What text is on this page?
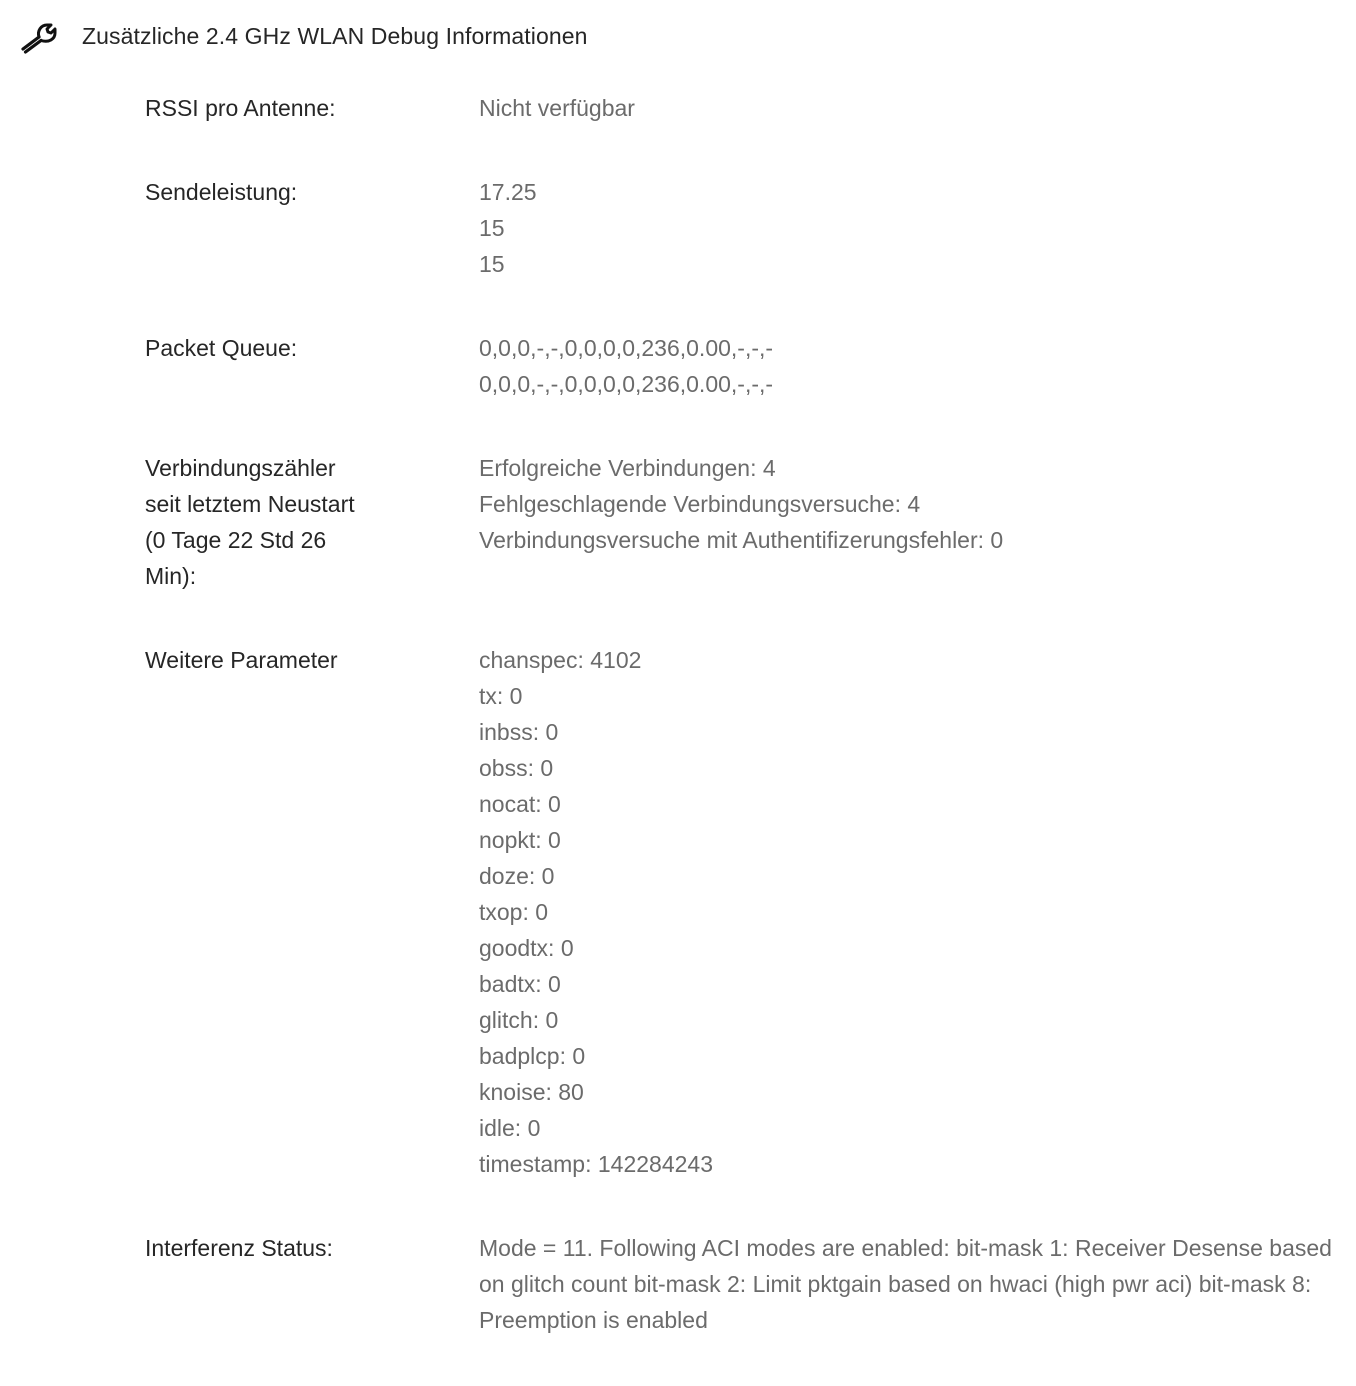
Zusätzliche 2.4 GHz WLAN Debug Informationen
RSSI pro Antenne:	Nicht verfügbar
Sendeleistung:	17.25
15
15
Packet Queue:	0,0,0,-,-,0,0,0,0,236,0.00,-,-,-
0,0,0,-,-,0,0,0,0,236,0.00,-,-,-
Verbindungszähler seit letztem Neustart (0 Tage 22 Std 26 Min):
Erfolgreiche Verbindungen: 4
Fehlgeschlagende Verbindungsversuche: 4
Verbindungsversuche mit Authentifizerungsfehler: 0
Weitere Parameter	chanspec: 4102
tx: 0
inbss: 0
obss: 0
nocat: 0
nopkt: 0
doze: 0
txop: 0
goodtx: 0
badtx: 0
glitch: 0
badplcp: 0
knoise: 80
idle: 0
timestamp: 142284243
Interferenz Status:	Mode = 11. Following ACI modes are enabled: bit-mask 1: Receiver Desense based on glitch count bit-mask 2: Limit pktgain based on hwaci (high pwr aci) bit-mask 8: Preemption is enabled
